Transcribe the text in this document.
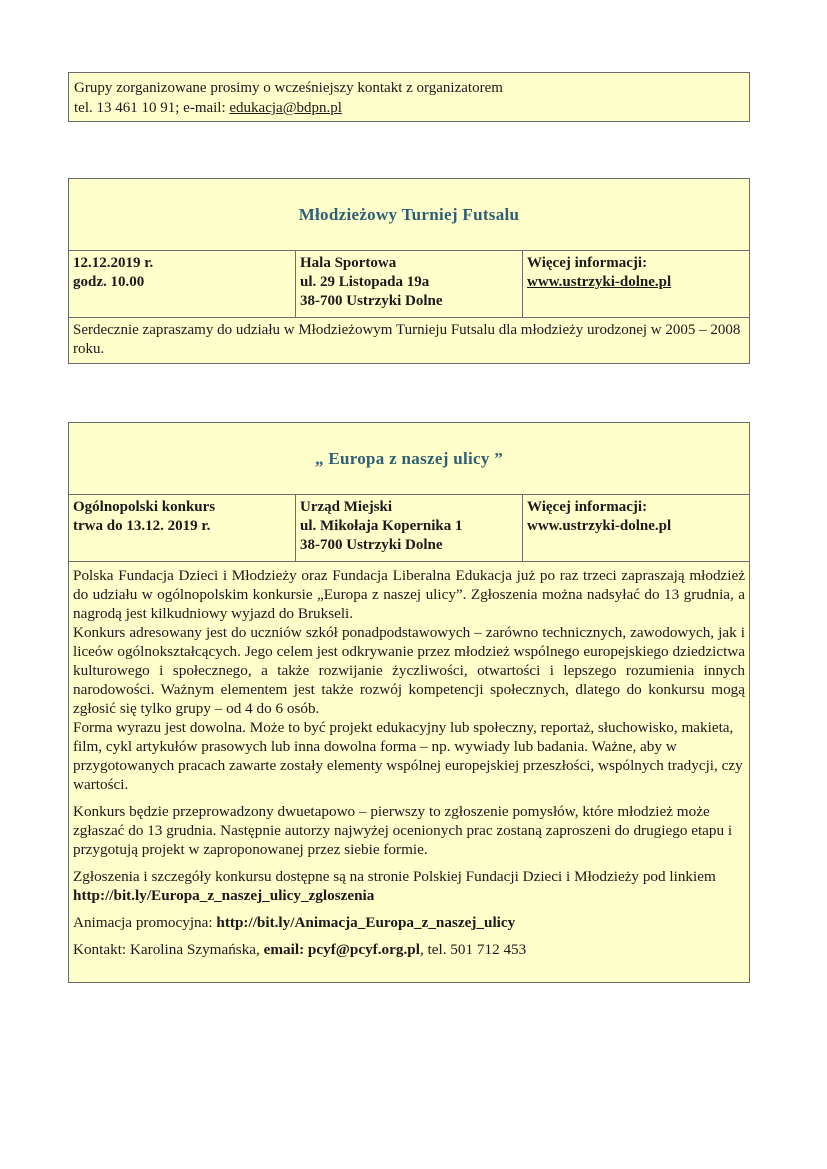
Grupy zorganizowane prosimy o wcześniejszy kontakt z organizatorem
tel. 13 461 10 91; e-mail: edukacja@bdpn.pl
Młodzieżowy Turniej Futsalu
12.12.2019 r.
godz. 10.00
Hala Sportowa
ul. 29 Listopada 19a
38-700 Ustrzyki Dolne
Więcej informacji:
www.ustrzyki-dolne.pl
Serdecznie zapraszamy do udziału w Młodzieżowym Turnieju Futsalu dla młodzieży urodzonej w 2005 – 2008 roku.
„ Europa z naszej ulicy ”
Ogólnopolski konkurs
trwa do 13.12. 2019 r.
Urząd Miejski
ul. Mikołaja Kopernika 1
38-700 Ustrzyki Dolne
Więcej informacji:
www.ustrzyki-dolne.pl

Polska Fundacja Dzieci i Młodzieży oraz Fundacja Liberalna Edukacja już po raz trzeci zapraszają młodzież do udziału w ogólnopolskim konkursie „Europa z naszej ulicy”. Zgłoszenia można nadsyłać do 13 grudnia, a nagrodą jest kilkudniowy wyjazd do Brukseli.

Konkurs adresowany jest do uczniów szkół ponadpodstawowych – zarówno technicznych, zawodowych, jak i liceów ogólnokształcących. Jego celem jest odkrywanie przez młodzież wspólnego europejskiego dziedzictwa kulturowego i społecznego, a także rozwijanie życzliwości, otwartości i lepszego rozumienia innych narodowości. Ważnym elementem jest także rozwój kompetencji społecznych, dlatego do konkursu mogą zgłosić się tylko grupy – od 4 do 6 osób.

Forma wyrazu jest dowolna. Może to być projekt edukacyjny lub społeczny, reportaż, słuchowisko, makieta, film, cykl artykułów prasowych lub inna dowolna forma – np. wywiady lub badania. Ważne, aby w przygotowanych pracach zawarte zostały elementy wspólnej europejskiej przeszłości, wspólnych tradycji, czy wartości.

Konkurs będzie przeprowadzony dwuetapowo – pierwszy to zgłoszenie pomysłów, które młodzież może zgłaszać do 13 grudnia. Następnie autorzy najwyżej ocenionych prac zostaną zaproszeni do drugiego etapu i przygotują projekt w zaproponowanej przez siebie formie.

Zgłoszenia i szczegóły konkursu dostępne są na stronie Polskiej Fundacji Dzieci i Młodzieży pod linkiem http://bit.ly/Europa_z_naszej_ulicy_zgloszenia

Animacja promocyjna: http://bit.ly/Animacja_Europa_z_naszej_ulicy

Kontakt: Karolina Szymańska, email: pcyf@pcyf.org.pl, tel. 501 712 453
